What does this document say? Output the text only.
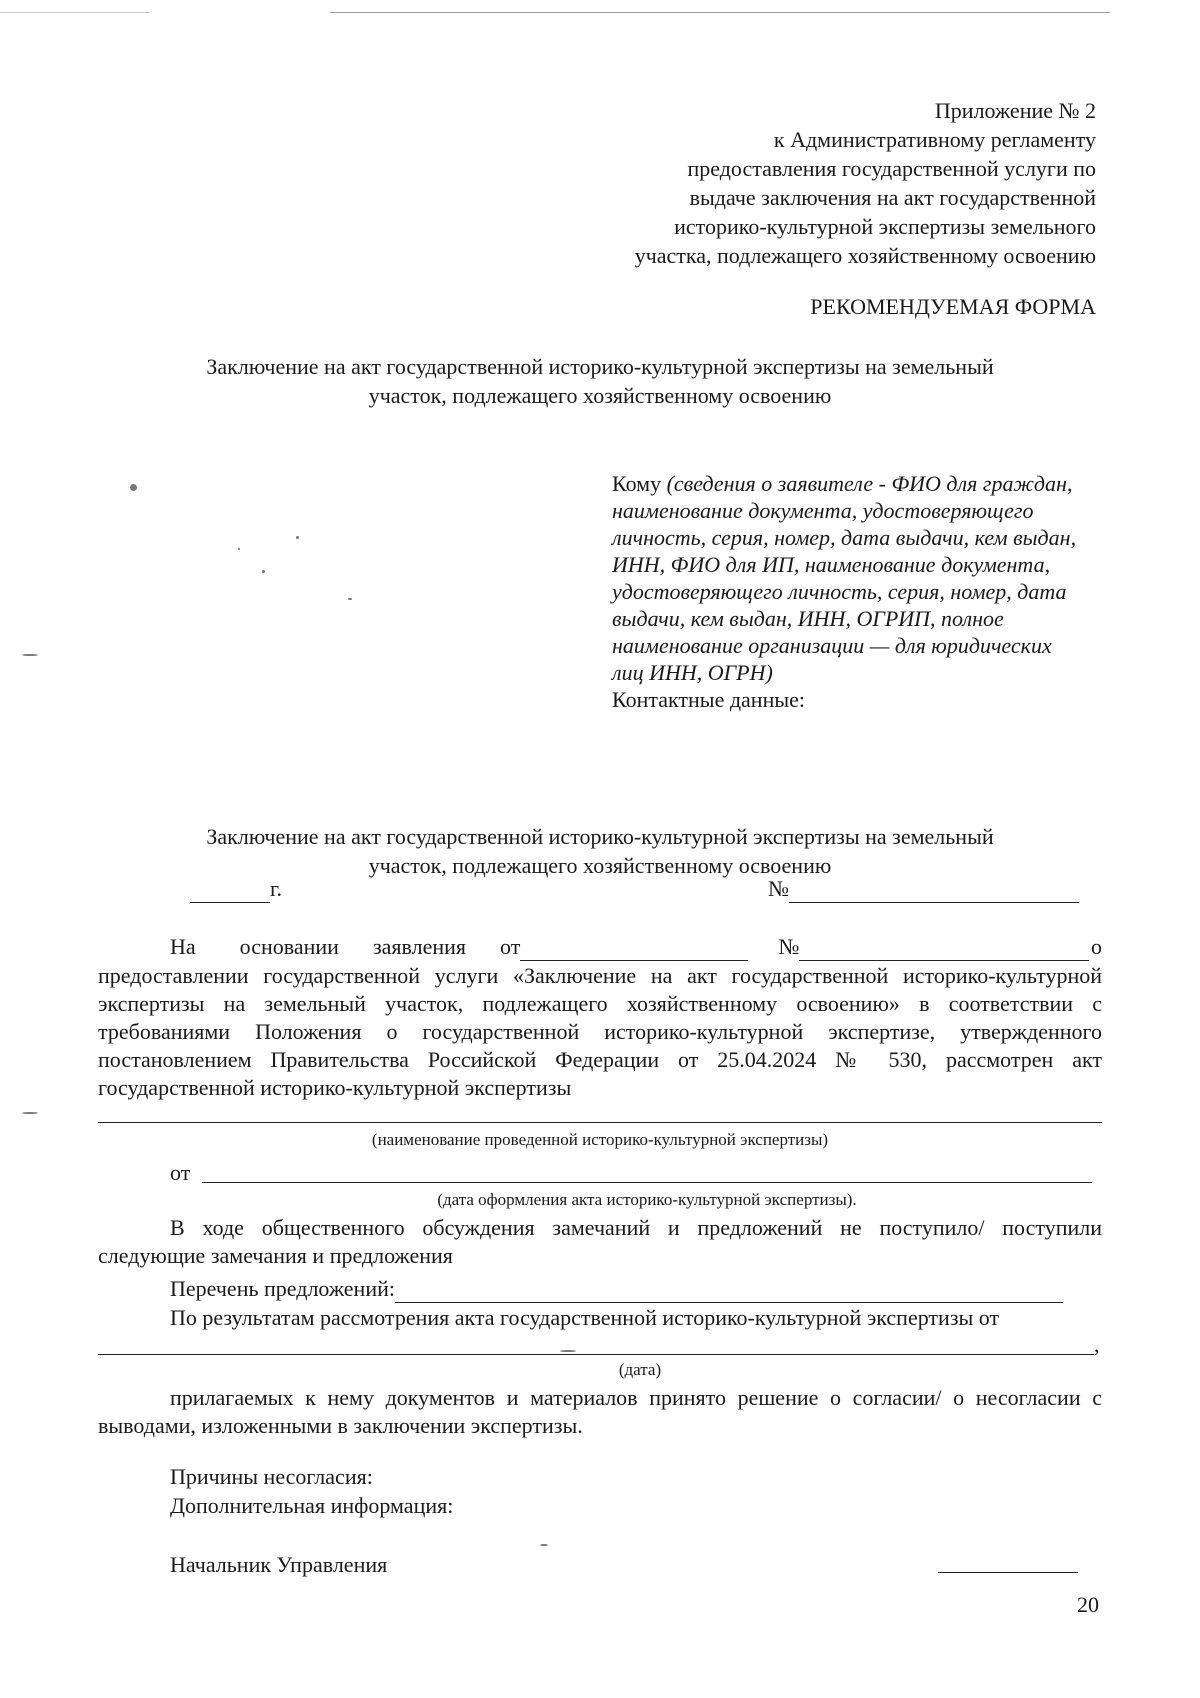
Приложение № 2
к Административному регламенту
предоставления государственной услуги по
выдаче заключения на акт государственной
историко-культурной экспертизы земельного
участка, подлежащего хозяйственному освоению
РЕКОМЕНДУЕМАЯ ФОРМА
Заключение на акт государственной историко-культурной экспертизы на земельный
участок, подлежащего хозяйственному освоению
Кому (сведения о заявителе - ФИО для граждан, наименование документа, удостоверяющего личность, серия, номер, дата выдачи, кем выдан, ИНН, ФИО для ИП, наименование документа, удостоверяющего личность, серия, номер, дата выдачи, кем выдан, ИНН, ОГРИП, полное наименование организации — для юридических лиц ИНН, ОГРН)
Контактные данные:
Заключение на акт государственной историко-культурной экспертизы на земельный
участок, подлежащего хозяйственному освоению
г.	№
На основании заявления от
	№
	о
предоставлении государственной услуги «Заключение на акт государственной историко-культурной экспертизы на земельный участок, подлежащего хозяйственному освоению» в соответствии с требованиями Положения о государственной историко-культурной экспертизе, утвержденного постановлением Правительства Российской Федерации от 25.04.2024 № 530, рассмотрен акт государственной историко-культурной экспертизы
(наименование проведенной историко-культурной экспертизы)
от
(дата оформления акта историко-культурной экспертизы).
В ходе общественного обсуждения замечаний и предложений не поступило/ поступили следующие замечания и предложения
Перечень предложений:
По результатам рассмотрения акта государственной историко-культурной экспертизы от
,
(дата)
прилагаемых к нему документов и материалов принято решение о согласии/ о несогласии с выводами, изложенными в заключении экспертизы.
Причины несогласия:
Дополнительная информация:
Начальник Управления
20
